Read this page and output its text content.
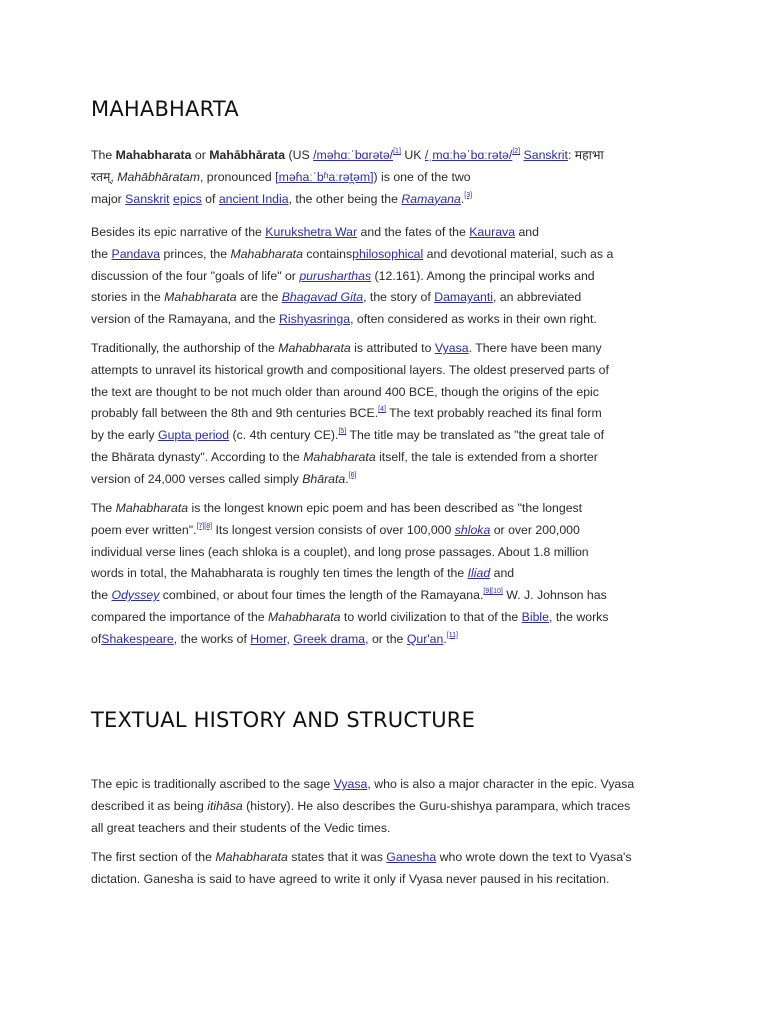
MAHABHARTA

The Mahabharata or Mahābhārata (US /məhɑːˈbɑrətə/[1] UK /ˌmɑːhəˈbɑːrətə/[2] Sanskrit: महाभा

रतम्, Mahābhāratam, pronounced [məɦaːˈbʱaːrət̪əm]) is one of the two

major Sanskrit epics of ancient India, the other being the Ramayana.[3]

Besides its epic narrative of the Kurukshetra War and the fates of the Kaurava and

the Pandava princes, the Mahabharata containsphilosophical and devotional material, such as a

discussion of the four "goals of life" or purusharthas (12.161). Among the principal works and

stories in the Mahabharata are the Bhagavad Gita, the story of Damayanti, an abbreviated

version of the Ramayana, and the Rishyasringa, often considered as works in their own right.

Traditionally, the authorship of the Mahabharata is attributed to Vyasa. There have been many

attempts to unravel its historical growth and compositional layers. The oldest preserved parts of

the text are thought to be not much older than around 400 BCE, though the origins of the epic

probably fall between the 8th and 9th centuries BCE.[4] The text probably reached its final form

by the early Gupta period (c. 4th century CE).[5] The title may be translated as "the great tale of

the Bhārata dynasty". According to the Mahabharata itself, the tale is extended from a shorter

version of 24,000 verses called simply Bhārata.[6]

The Mahabharata is the longest known epic poem and has been described as "the longest

poem ever written".[7][8] Its longest version consists of over 100,000 shloka or over 200,000

individual verse lines (each shloka is a couplet), and long prose passages. About 1.8 million

words in total, the Mahabharata is roughly ten times the length of the Iliad and

the Odyssey combined, or about four times the length of the Ramayana.[9][10] W. J. Johnson has

compared the importance of the Mahabharata to world civilization to that of the Bible, the works

ofShakespeare, the works of Homer, Greek drama, or the Qur'an.[11]

TEXTUAL HISTORY AND STRUCTURE

The epic is traditionally ascribed to the sage Vyasa, who is also a major character in the epic. Vyasa

described it as being itihāsa (history). He also describes the Guru-shishya parampara, which traces

all great teachers and their students of the Vedic times.

The first section of the Mahabharata states that it was Ganesha who wrote down the text to Vyasa's

dictation. Ganesha is said to have agreed to write it only if Vyasa never paused in his recitation.
